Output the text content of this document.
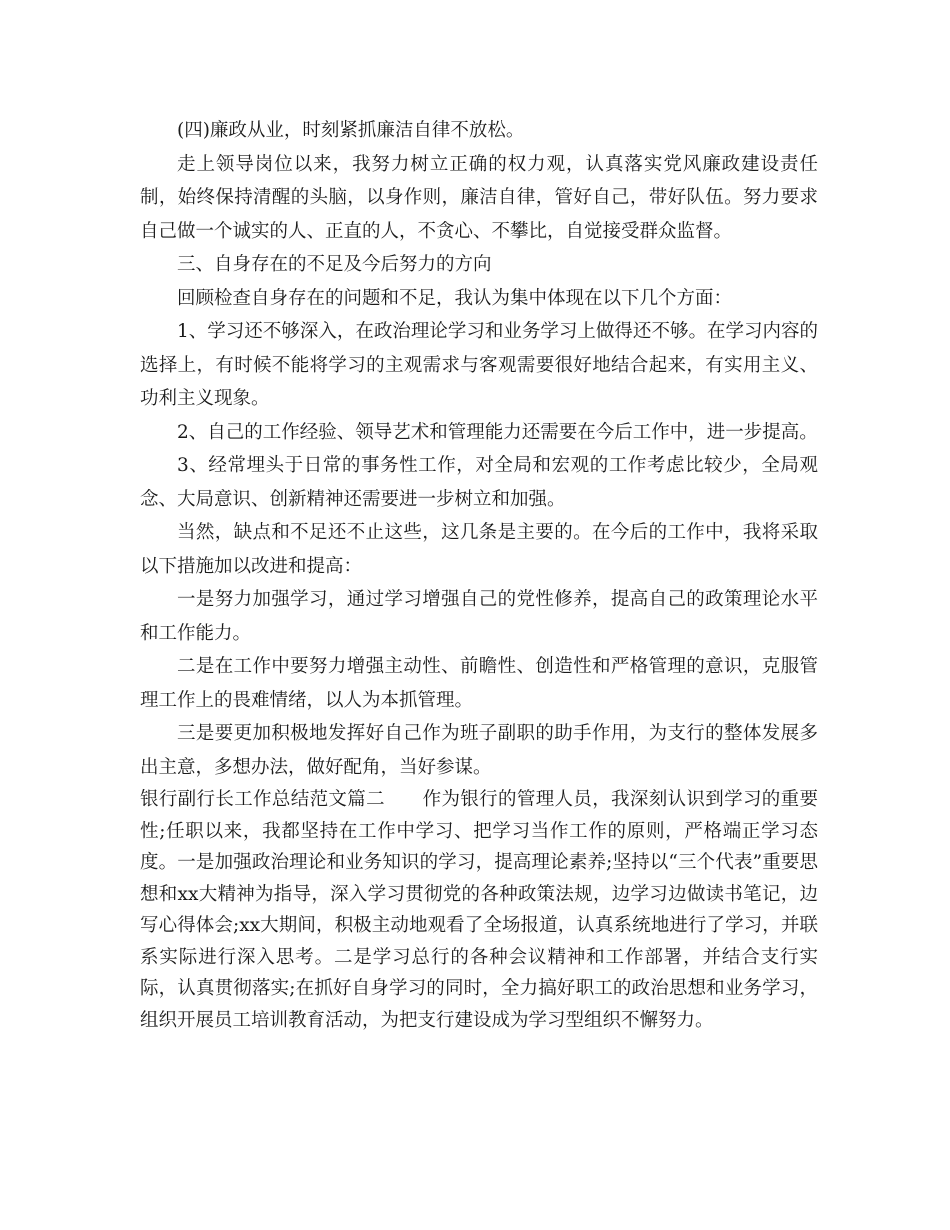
(四)廉政从业，时刻紧抓廉洁自律不放松。

走上领导岗位以来，我努力树立正确的权力观，认真落实党风廉政建设责任制，始终保持清醒的头脑，以身作则，廉洁自律，管好自己，带好队伍。努力要求自己做一个诚实的人、正直的人，不贪心、不攀比，自觉接受群众监督。

三、自身存在的不足及今后努力的方向

回顾检查自身存在的问题和不足，我认为集中体现在以下几个方面：

1、学习还不够深入，在政治理论学习和业务学习上做得还不够。在学习内容的选择上，有时候不能将学习的主观需求与客观需要很好地结合起来，有实用主义、功利主义现象。

2、自己的工作经验、领导艺术和管理能力还需要在今后工作中，进一步提高。

3、经常埋头于日常的事务性工作，对全局和宏观的工作考虑比较少，全局观念、大局意识、创新精神还需要进一步树立和加强。

当然，缺点和不足还不止这些，这几条是主要的。在今后的工作中，我将采取以下措施加以改进和提高：

一是努力加强学习，通过学习增强自己的党性修养，提高自己的政策理论水平和工作能力。

二是在工作中要努力增强主动性、前瞻性、创造性和严格管理的意识，克服管理工作上的畏难情绪，以人为本抓管理。

三是要更加积极地发挥好自己作为班子副职的助手作用，为支行的整体发展多出主意，多想办法，做好配角，当好参谋。

银行副行长工作总结范文篇二　　作为银行的管理人员，我深刻认识到学习的重要性;任职以来，我都坚持在工作中学习、把学习当作工作的原则，严格端正学习态度。一是加强政治理论和业务知识的学习，提高理论素养;坚持以“三个代表”重要思想和xx大精神为指导，深入学习贯彻党的各种政策法规，边学习边做读书笔记，边写心得体会;xx大期间，积极主动地观看了全场报道，认真系统地进行了学习，并联系实际进行深入思考。二是学习总行的各种会议精神和工作部署，并结合支行实际，认真贯彻落实;在抓好自身学习的同时，全力搞好职工的政治思想和业务学习，组织开展员工培训教育活动，为把支行建设成为学习型组织不懈努力。
